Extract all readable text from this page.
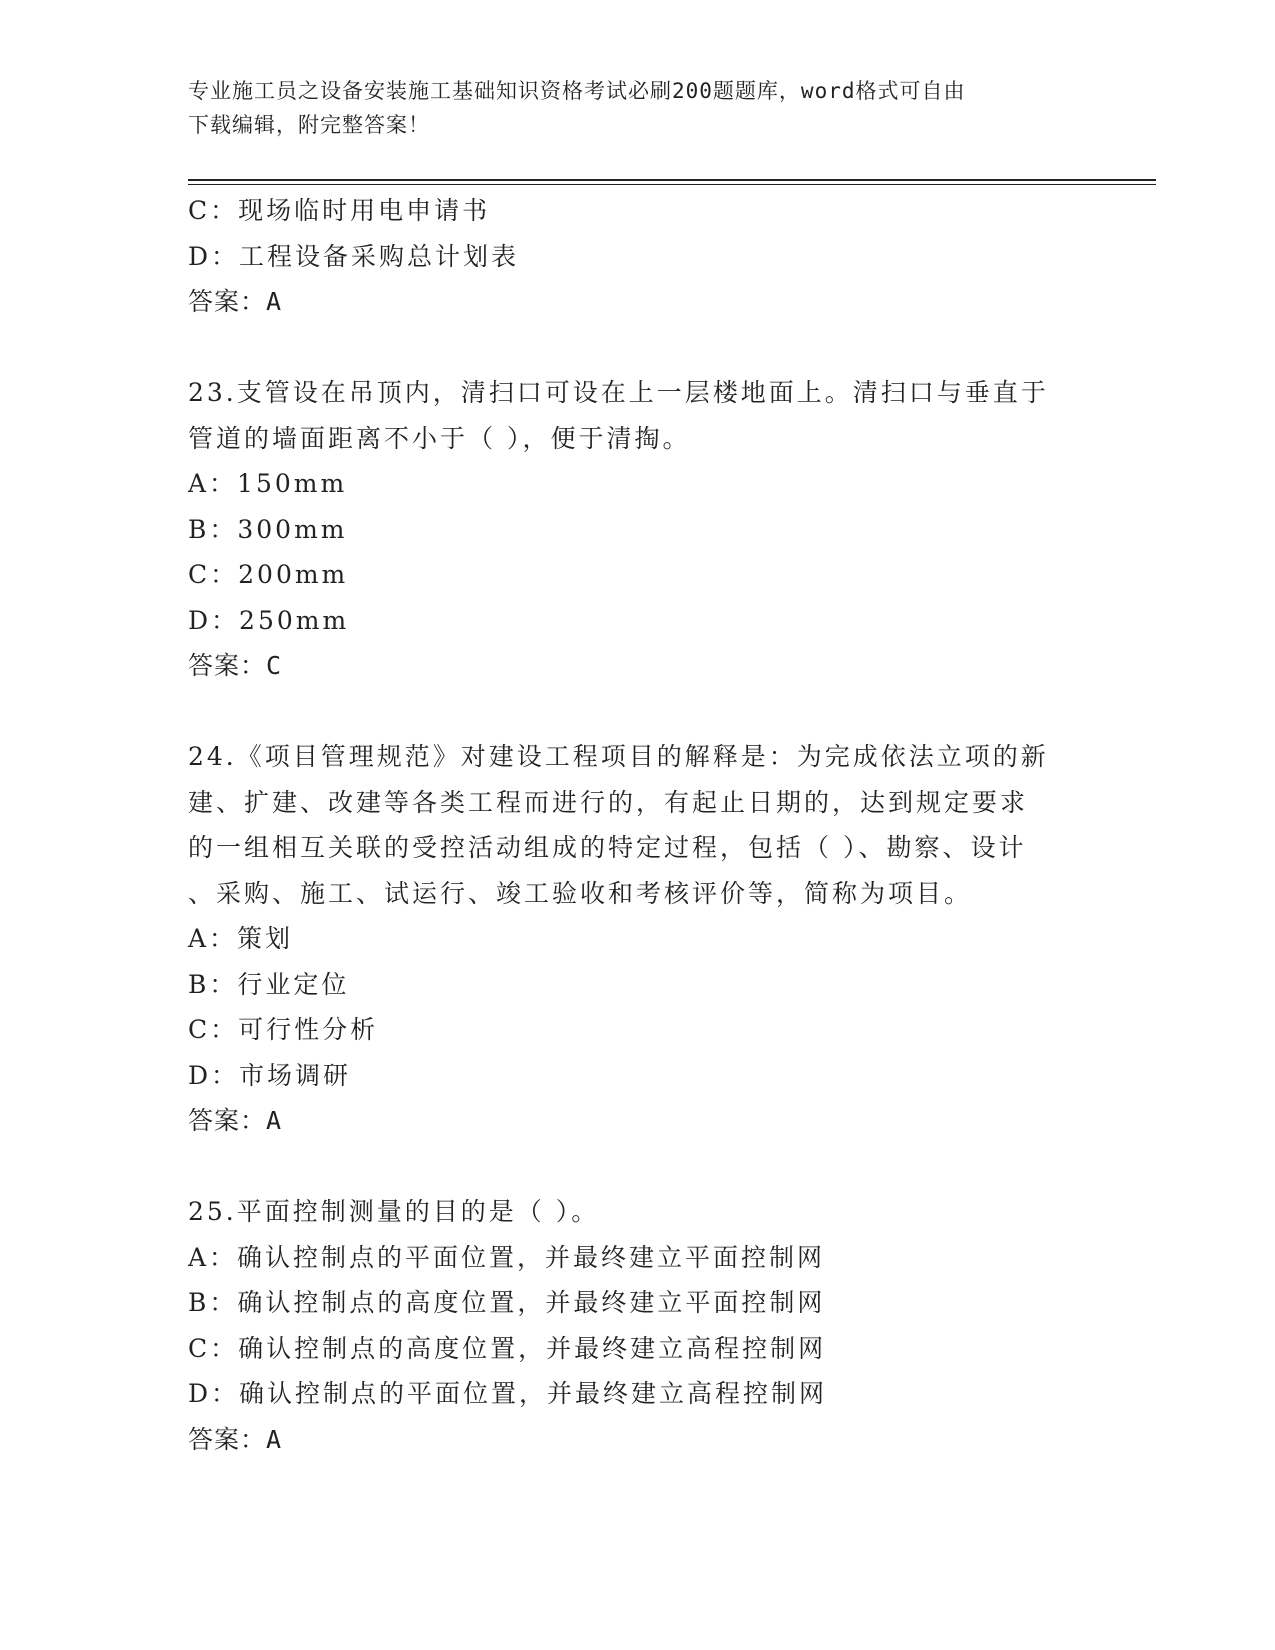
专业施工员之设备安装施工基础知识资格考试必刷200题题库，word格式可自由
下载编辑，附完整答案！
C：现场临时用电申请书
D：工程设备采购总计划表
答案：A
23.支管设在吊顶内，清扫口可设在上一层楼地面上。清扫口与垂直于
管道的墙面距离不小于（ ），便于清掏。
A：150mm
B：300mm
C：200mm
D：250mm
答案：C
24.《项目管理规范》对建设工程项目的解释是：为完成依法立项的新
建、扩建、改建等各类工程而进行的，有起止日期的，达到规定要求
的一组相互关联的受控活动组成的特定过程，包括（ ）、勘察、设计
、采购、施工、试运行、竣工验收和考核评价等，简称为项目。
A：策划
B：行业定位
C：可行性分析
D：市场调研
答案：A
25.平面控制测量的目的是（ ）。
A：确认控制点的平面位置，并最终建立平面控制网
B：确认控制点的高度位置，并最终建立平面控制网
C：确认控制点的高度位置，并最终建立高程控制网
D：确认控制点的平面位置，并最终建立高程控制网
答案：A
